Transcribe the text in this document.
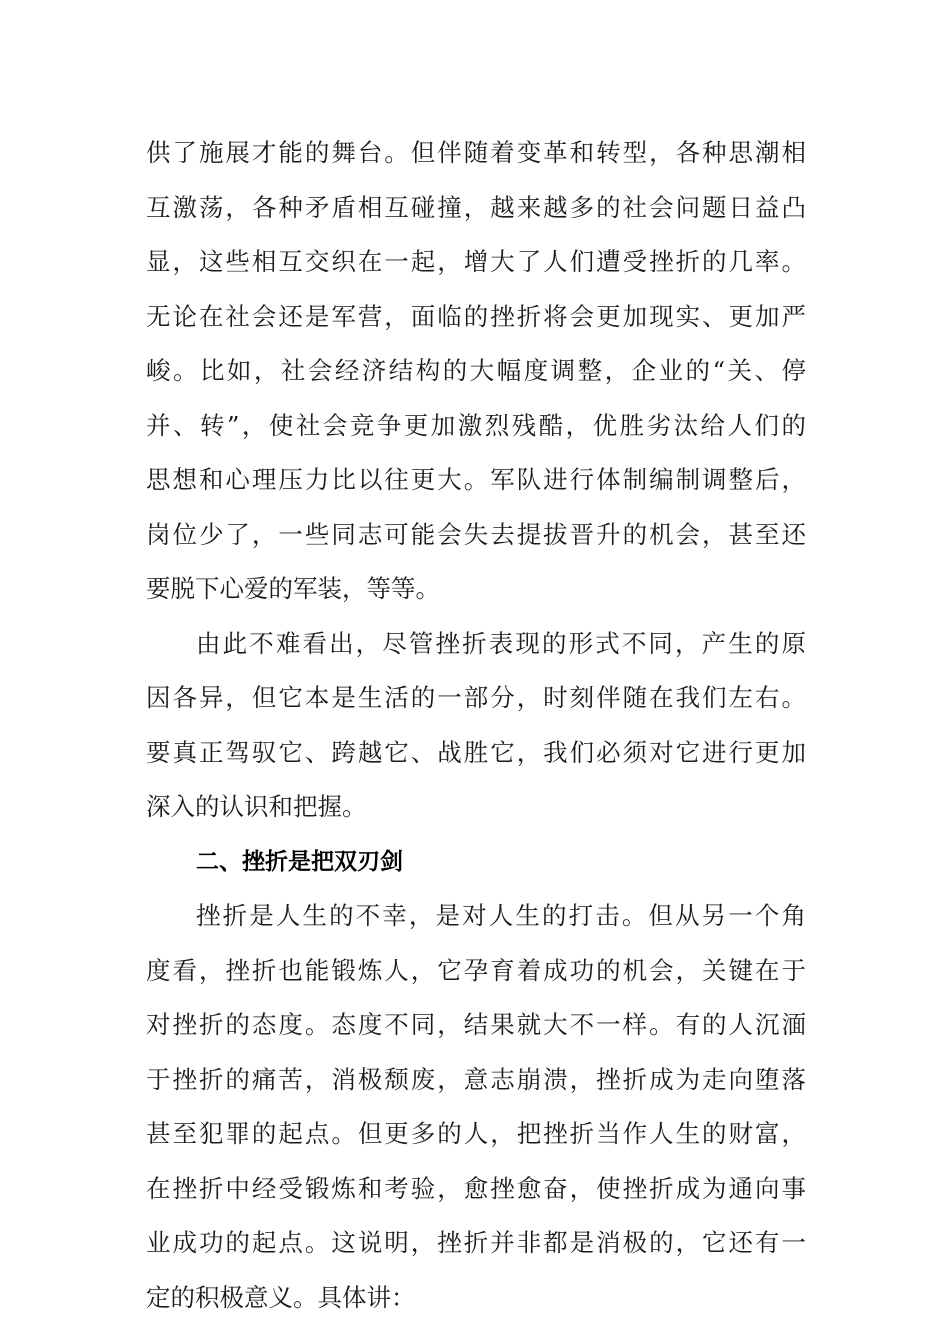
供了施展才能的舞台。但伴随着变革和转型，各种思潮相
互激荡，各种矛盾相互碰撞，越来越多的社会问题日益凸
显，这些相互交织在一起，增大了人们遭受挫折的几率。
无论在社会还是军营，面临的挫折将会更加现实、更加严
峻。比如，社会经济结构的大幅度调整，企业的“关、停
并、转”，使社会竞争更加激烈残酷，优胜劣汰给人们的
思想和心理压力比以往更大。军队进行体制编制调整后，
岗位少了，一些同志可能会失去提拔晋升的机会，甚至还
要脱下心爱的军装，等等。
由此不难看出，尽管挫折表现的形式不同，产生的原
因各异，但它本是生活的一部分，时刻伴随在我们左右。
要真正驾驭它、跨越它、战胜它，我们必须对它进行更加
深入的认识和把握。
二、挫折是把双刃剑
挫折是人生的不幸，是对人生的打击。但从另一个角
度看，挫折也能锻炼人，它孕育着成功的机会，关键在于
对挫折的态度。态度不同，结果就大不一样。有的人沉湎
于挫折的痛苦，消极颓废，意志崩溃，挫折成为走向堕落
甚至犯罪的起点。但更多的人，把挫折当作人生的财富，
在挫折中经受锻炼和考验，愈挫愈奋，使挫折成为通向事
业成功的起点。这说明，挫折并非都是消极的，它还有一
定的积极意义。具体讲：
